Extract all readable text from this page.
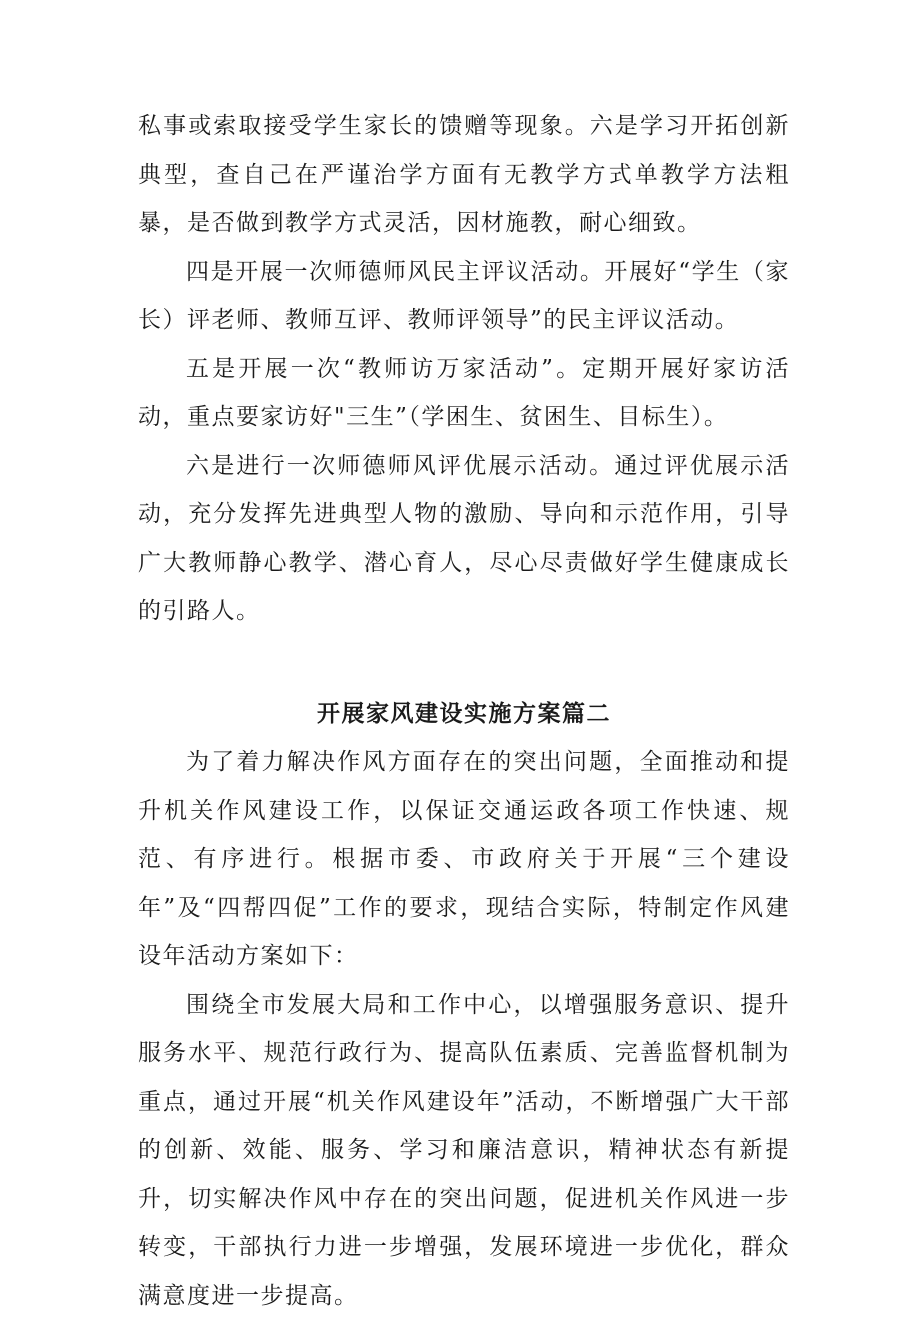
私事或索取接受学生家长的馈赠等现象。六是学习开拓创新典型，查自己在严谨治学方面有无教学方式单教学方法粗暴，是否做到教学方式灵活，因材施教，耐心细致。

四是开展一次师德师风民主评议活动。开展好“学生（家长）评老师、教师互评、教师评领导”的民主评议活动。

五是开展一次“教师访万家活动”。定期开展好家访活动，重点要家访好"三生”（学困生、贫困生、目标生）。

六是进行一次师德师风评优展示活动。通过评优展示活动，充分发挥先进典型人物的激励、导向和示范作用，引导广大教师静心教学、潜心育人，尽心尽责做好学生健康成长的引路人。

开展家风建设实施方案篇二

为了着力解决作风方面存在的突出问题，全面推动和提升机关作风建设工作，以保证交通运政各项工作快速、规范、有序进行。根据市委、市政府关于开展“三个建设年”及“四帮四促”工作的要求，现结合实际，特制定作风建设年活动方案如下：

围绕全市发展大局和工作中心，以增强服务意识、提升服务水平、规范行政行为、提高队伍素质、完善监督机制为重点，通过开展“机关作风建设年”活动，不断增强广大干部的创新、效能、服务、学习和廉洁意识，精神状态有新提升，切实解决作风中存在的突出问题，促进机关作风进一步转变，干部执行力进一步增强，发展环境进一步优化，群众满意度进一步提高。
